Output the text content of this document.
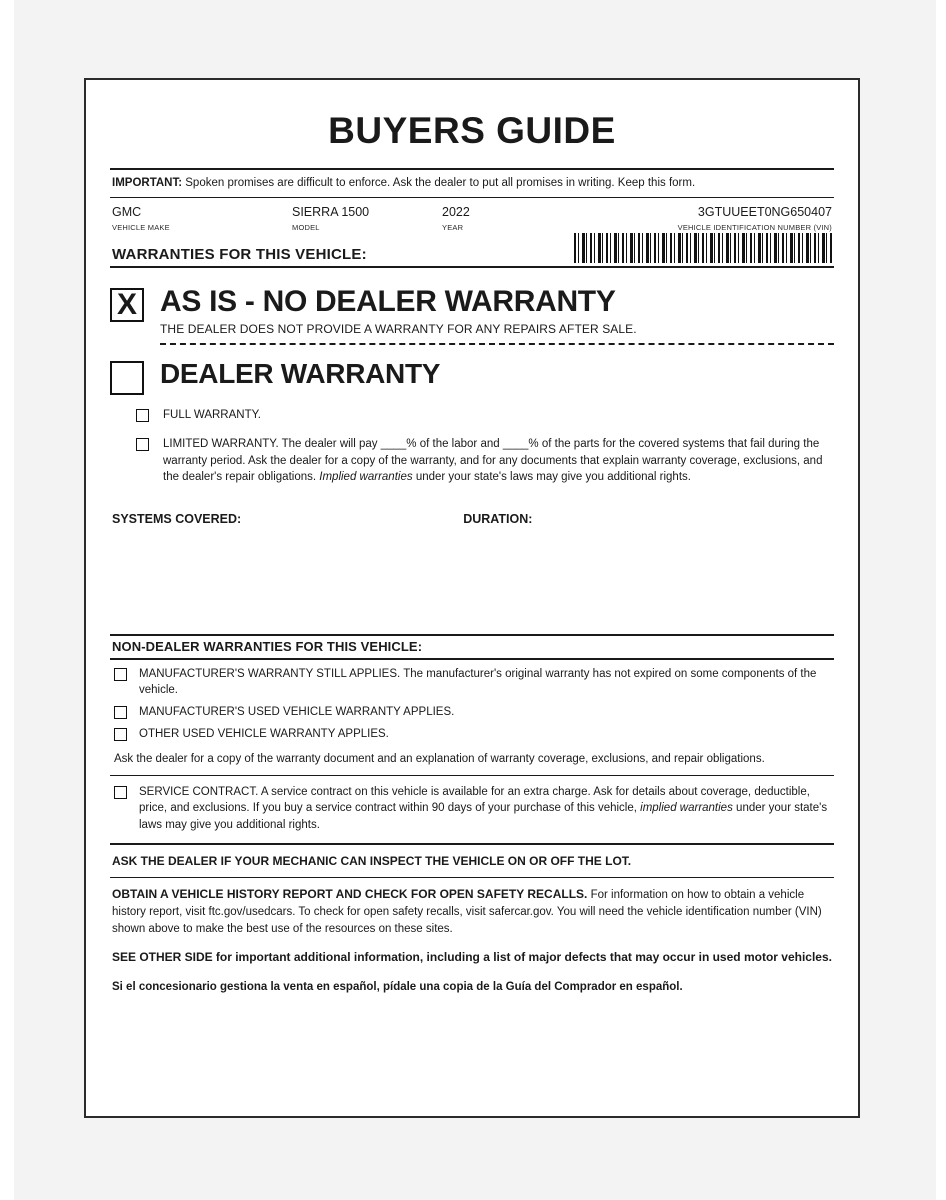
BUYERS GUIDE
IMPORTANT: Spoken promises are difficult to enforce. Ask the dealer to put all promises in writing. Keep this form.
GMC
VEHICLE MAKE
SIERRA 1500
MODEL
2022
YEAR
3GTUUEET0NG650407
VEHICLE IDENTIFICATION NUMBER (VIN)
WARRANTIES FOR THIS VEHICLE:
X AS IS - NO DEALER WARRANTY
THE DEALER DOES NOT PROVIDE A WARRANTY FOR ANY REPAIRS AFTER SALE.
DEALER WARRANTY
FULL WARRANTY.
LIMITED WARRANTY. The dealer will pay ____% of the labor and ____% of the parts for the covered systems that fail during the warranty period. Ask the dealer for a copy of the warranty, and for any documents that explain warranty coverage, exclusions, and the dealer's repair obligations. Implied warranties under your state's laws may give you additional rights.
SYSTEMS COVERED:	DURATION:
NON-DEALER WARRANTIES FOR THIS VEHICLE:
MANUFACTURER'S WARRANTY STILL APPLIES. The manufacturer's original warranty has not expired on some components of the vehicle.
MANUFACTURER'S USED VEHICLE WARRANTY APPLIES.
OTHER USED VEHICLE WARRANTY APPLIES.
Ask the dealer for a copy of the warranty document and an explanation of warranty coverage, exclusions, and repair obligations.
SERVICE CONTRACT. A service contract on this vehicle is available for an extra charge. Ask for details about coverage, deductible, price, and exclusions. If you buy a service contract within 90 days of your purchase of this vehicle, implied warranties under your state's laws may give you additional rights.
ASK THE DEALER IF YOUR MECHANIC CAN INSPECT THE VEHICLE ON OR OFF THE LOT.
OBTAIN A VEHICLE HISTORY REPORT AND CHECK FOR OPEN SAFETY RECALLS. For information on how to obtain a vehicle history report, visit ftc.gov/usedcars. To check for open safety recalls, visit safercar.gov. You will need the vehicle identification number (VIN) shown above to make the best use of the resources on these sites.
SEE OTHER SIDE for important additional information, including a list of major defects that may occur in used motor vehicles.
Si el concesionario gestiona la venta en español, pídale una copia de la Guía del Comprador en español.
